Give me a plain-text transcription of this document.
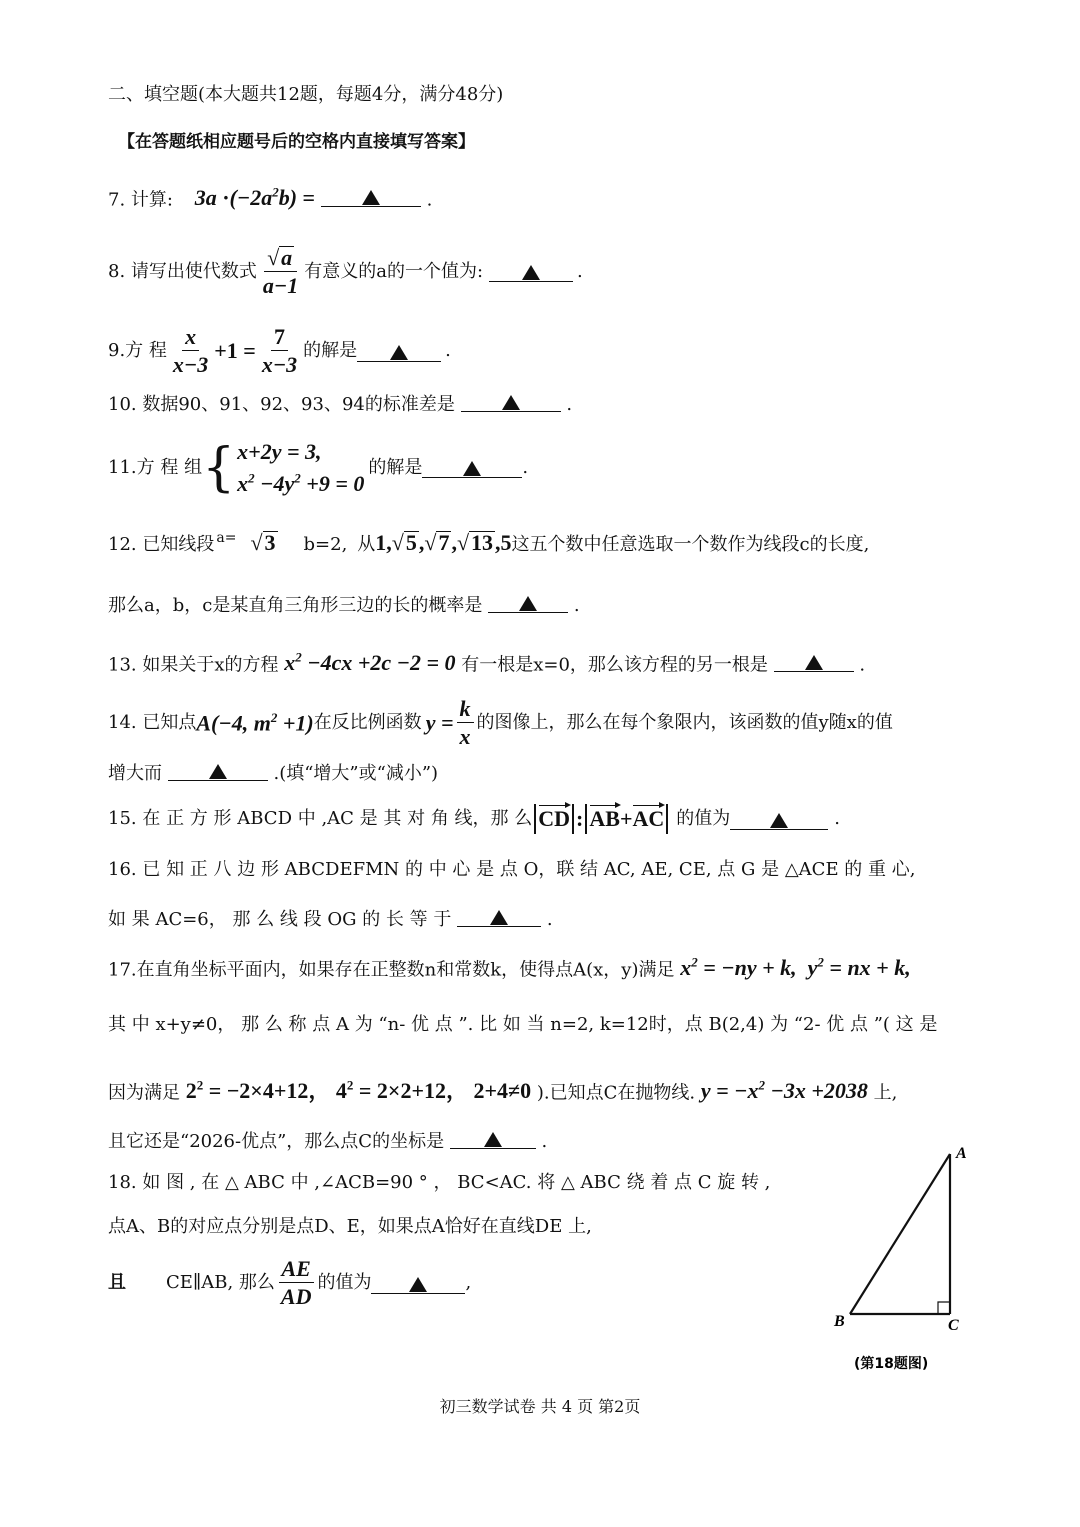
二、填空题(本大题共12题，每题4分，满分48分)
【在答题纸相应题号后的空格内直接填写答案】
7. 计算: $3a \cdot(-2a^2b)$ =	.
8. 请写出使代数式 $\frac{√ a}{a-1}$ 有意义的a的一个值为:	.
9.方 程 $\frac{x}{x-3} +1 = \frac{7}{x-3}$ 的解是	.
10. 数据90、91、92、93、94的标准差是	.
11.方 程 组 { x+2y = 3,
$x^2 -4y^2 +9 = 0$
的解是	.
12. 已知线段 a= √ 3 b=2, 从 1,√ 5 ,√ 7 ,√ 13 ,5 这五个数中任意选取一个数作为线段c的长度,
那么a，b，c是某直角三角形三边的长的概率是	.
13. 如果关于x的方程 $x^2 -4cx +2c -2 = 0$ 有一根是x=0，那么该方程的另一根是	.
14. 已知点 A(−4, $m^2 +1$) 在反比例函数 $y = \frac{k}{x}$ 的图像上，那么在每个象限内，该函数的值y随x的值
增大而	.(填“增大”或“减小”)
15. 在 正 方 形 ABCD 中 ,AC 是 其 对 角 线，那 么 CD : AB + AC 的值为	.
16. 已 知 正 八 边 形 ABCDEFMN 的 中 心 是 点 O，联 结 AC, AE, CE, 点 G 是 △ACE 的 重 心,
如 果 AC=6， 那 么 线 段 OG 的 长 等 于	.
17.在直角坐标平面内，如果存在正整数n和常数k，使得点A(x，y)满足 $x^2 = -ny + k$,  $y^2$ = nx + k,
其 中 x+y≠0， 那 么 称 点 A 为 “n- 优 点 ”. 比 如 当 n=2, k=12时，点 B(2,4) 为 “2- 优 点 ”( 这 是
因为满足 $2^2 = -2\times 4+12$， $4^2 = 2\times 2+12$， 2+4≠0 ).已知点C在抛物线. $y = -x^2 -3x +2038$ 上,
且它还是“2026-优点”，那么点C的坐标是	.
18. 如 图 , 在 △ ABC 中 ,∠ACB=90 ° ， BC<AC. 将 △ ABC 绕 着 点 C 旋 转 ,
点A、B的对应点分别是点D、E，如果点A恰好在直线DE 上,
且 CE∥AB, 那么 $\frac{AE}{AD}$ 的值为	,
A
B	C
(第18题图)
初三数学试卷 共 4 页 第2页
